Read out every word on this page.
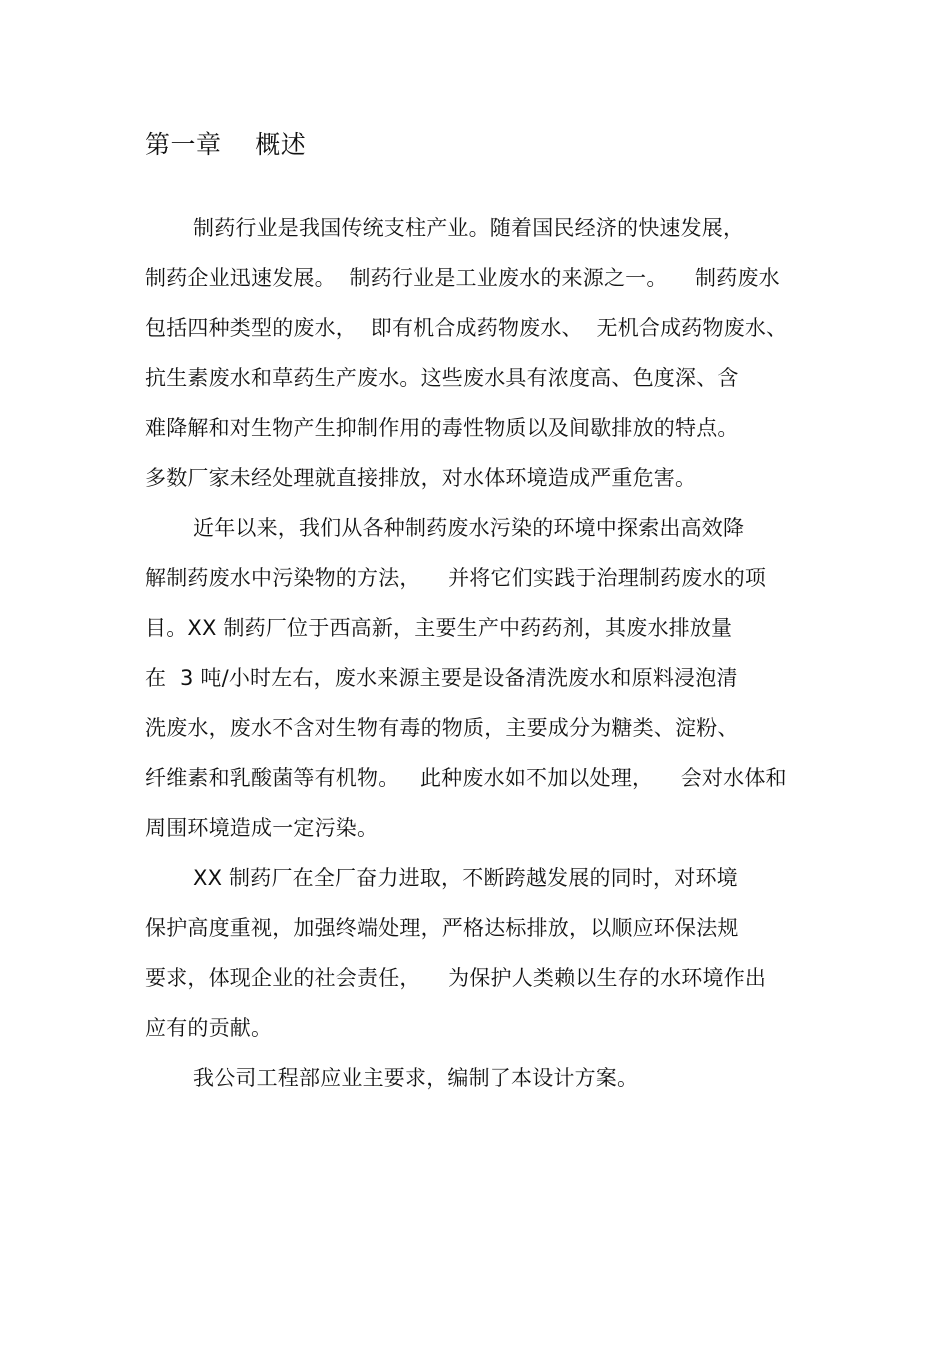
第一章    概述
制药行业是我国传统支柱产业。随着国民经济的快速发展，
制药企业迅速发展。  制药行业是工业废水的来源之一。    制药废水
包括四种类型的废水，  即有机合成药物废水、  无机合成药物废水、
抗生素废水和草药生产废水。这些废水具有浓度高、色度深、含
难降解和对生物产生抑制作用的毒性物质以及间歇排放的特点。
多数厂家未经处理就直接排放，对水体环境造成严重危害。
近年以来，我们从各种制药废水污染的环境中探索出高效降
解制药废水中污染物的方法，    并将它们实践于治理制药废水的项
目。XX 制药厂位于西高新，主要生产中药药剂，其废水排放量
在  3 吨/小时左右，废水来源主要是设备清洗废水和原料浸泡清
洗废水，废水不含对生物有毒的物质，主要成分为糖类、淀粉、
纤维素和乳酸菌等有机物。   此种废水如不加以处理，    会对水体和
周围环境造成一定污染。
XX 制药厂在全厂奋力进取，不断跨越发展的同时，对环境
保护高度重视，加强终端处理，严格达标排放，以顺应环保法规
要求，体现企业的社会责任，    为保护人类赖以生存的水环境作出
应有的贡献。
我公司工程部应业主要求，编制了本设计方案。
